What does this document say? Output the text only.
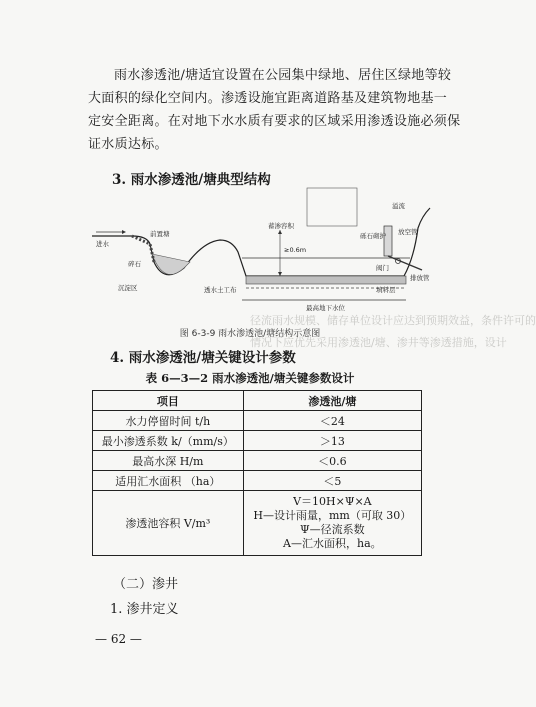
径流雨水规模、储存单位设计应达到预期效益，条件许可的
情况下应优先采用渗透池/塘、渗井等渗透措施，设计
雨水渗透池/塘适宜设置在公园集中绿地、居住区绿地等较
大面积的绿化空间内。渗透设施宜距离道路基及建筑物地基一
定安全距离。在对地下水水质有要求的区域采用渗透设施必须保
证水质达标。
3. 雨水渗透池/塘典型结构
溢流
进水
前置塘
碎石
沉淀区
蓄渗容积
≥0.6m
透水土工布
砾石砌护 放空管
阀门
排放管
填料层
最高地下水位
图 6-3-9 雨水渗透池/塘结构示意图
4. 雨水渗透池/塘关键设计参数
表 6—3—2 雨水渗透池/塘关键参数设计
项目	渗透池/塘
水力停留时间 t/h	＜24
最小渗透系数 k/（mm/s）	＞13
最高水深 H/m	＜0.6
适用汇水面积 （ha）	＜5
渗透池容积 V/m³	V＝10H×Ψ×A
H—设计雨量，mm（可取 30）
Ψ—径流系数
A—汇水面积，ha。
（二）渗井
1. 渗井定义
— 62 —
